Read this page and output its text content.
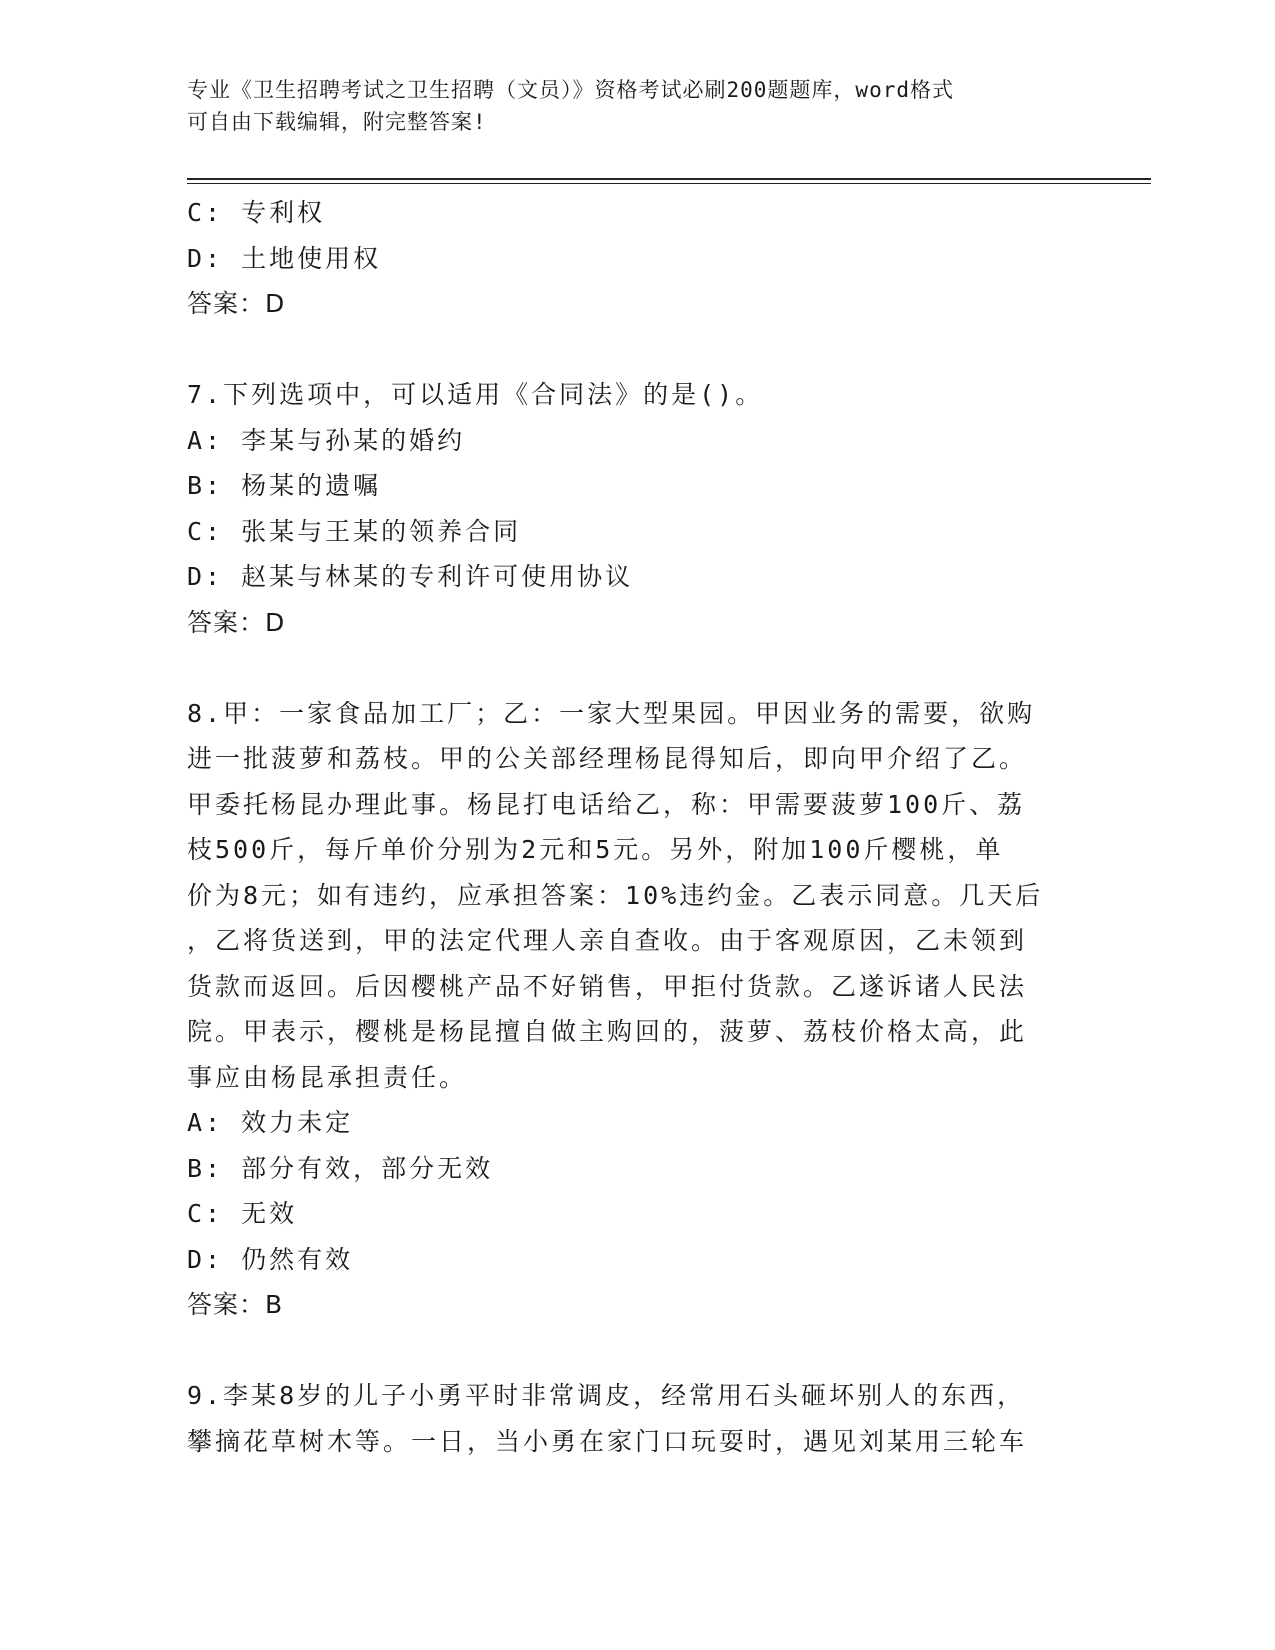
专业《卫生招聘考试之卫生招聘（文员）》资格考试必刷200题题库，word格式
可自由下载编辑，附完整答案!
C: 专利权
D: 土地使用权
答案：D
7.下列选项中，可以适用《合同法》的是()。
A: 李某与孙某的婚约
B: 杨某的遗嘱
C: 张某与王某的领养合同
D: 赵某与林某的专利许可使用协议
答案：D
8.甲：一家食品加工厂；乙：一家大型果园。甲因业务的需要，欲购
进一批菠萝和荔枝。甲的公关部经理杨昆得知后，即向甲介绍了乙。
甲委托杨昆办理此事。杨昆打电话给乙，称：甲需要菠萝100斤、荔
枝500斤，每斤单价分别为2元和5元。另外，附加100斤樱桃，单
价为8元；如有违约，应承担答案：10%违约金。乙表示同意。几天后
，乙将货送到，甲的法定代理人亲自查收。由于客观原因，乙未领到
货款而返回。后因樱桃产品不好销售，甲拒付货款。乙遂诉诸人民法
院。甲表示，樱桃是杨昆擅自做主购回的，菠萝、荔枝价格太高，此
事应由杨昆承担责任。
A: 效力未定
B: 部分有效，部分无效
C: 无效
D: 仍然有效
答案：B
9.李某8岁的儿子小勇平时非常调皮，经常用石头砸坏别人的东西，
攀摘花草树木等。一日，当小勇在家门口玩耍时，遇见刘某用三轮车
